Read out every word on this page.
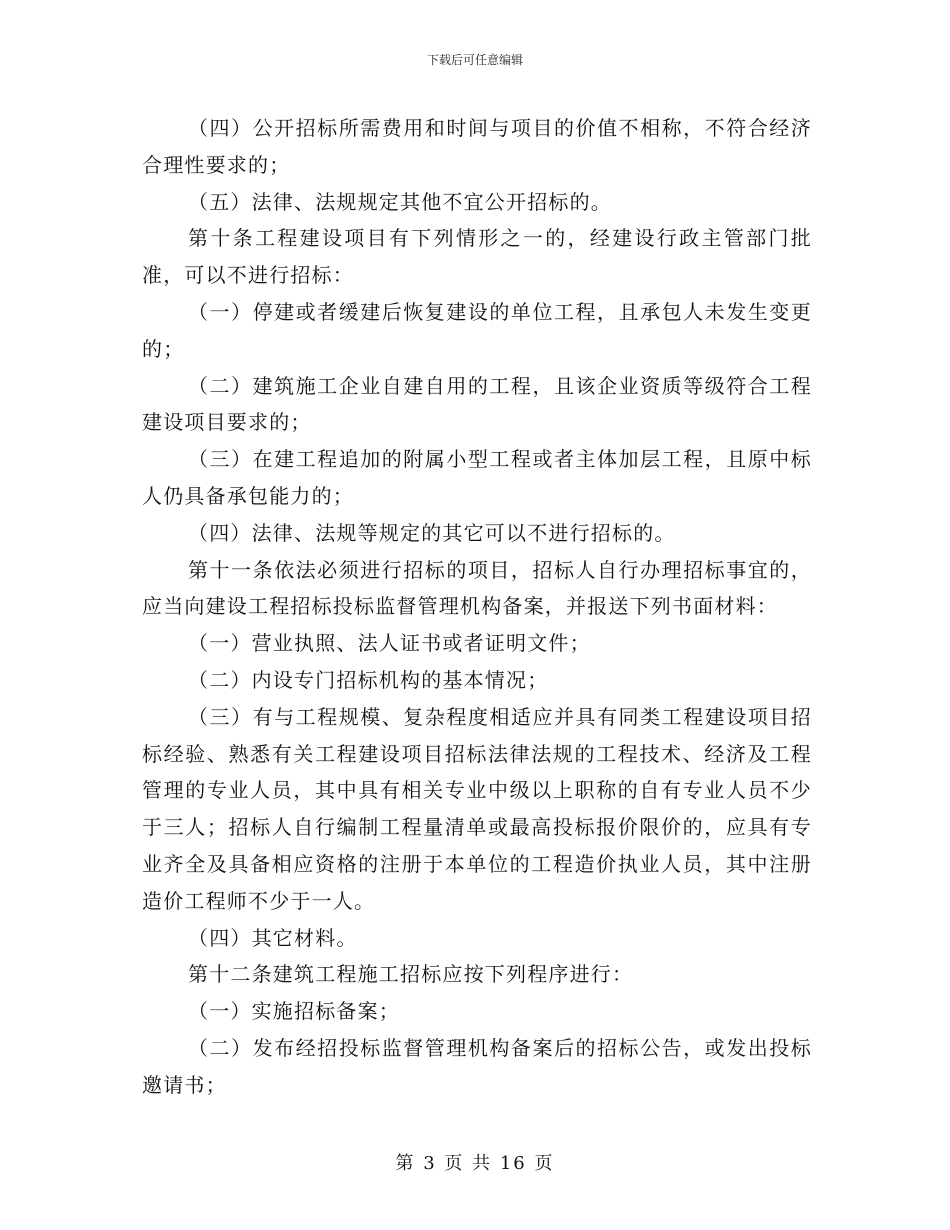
下载后可任意编辑

（四）公开招标所需费用和时间与项目的价值不相称，不符合经济合理性要求的；

（五）法律、法规规定其他不宜公开招标的。

第十条工程建设项目有下列情形之一的，经建设行政主管部门批准，可以不进行招标：

（一）停建或者缓建后恢复建设的单位工程，且承包人未发生变更的；

（二）建筑施工企业自建自用的工程，且该企业资质等级符合工程建设项目要求的；

（三）在建工程追加的附属小型工程或者主体加层工程，且原中标人仍具备承包能力的；

（四）法律、法规等规定的其它可以不进行招标的。

第十一条依法必须进行招标的项目，招标人自行办理招标事宜的，应当向建设工程招标投标监督管理机构备案，并报送下列书面材料：

（一）营业执照、法人证书或者证明文件；

（二）内设专门招标机构的基本情况；

（三）有与工程规模、复杂程度相适应并具有同类工程建设项目招标经验、熟悉有关工程建设项目招标法律法规的工程技术、经济及工程管理的专业人员，其中具有相关专业中级以上职称的自有专业人员不少于三人；招标人自行编制工程量清单或最高投标报价限价的，应具有专业齐全及具备相应资格的注册于本单位的工程造价执业人员，其中注册造价工程师不少于一人。

（四）其它材料。

第十二条建筑工程施工招标应按下列程序进行：

（一）实施招标备案；

（二）发布经招投标监督管理机构备案后的招标公告，或发出投标邀请书；

第 3 页 共 16 页
